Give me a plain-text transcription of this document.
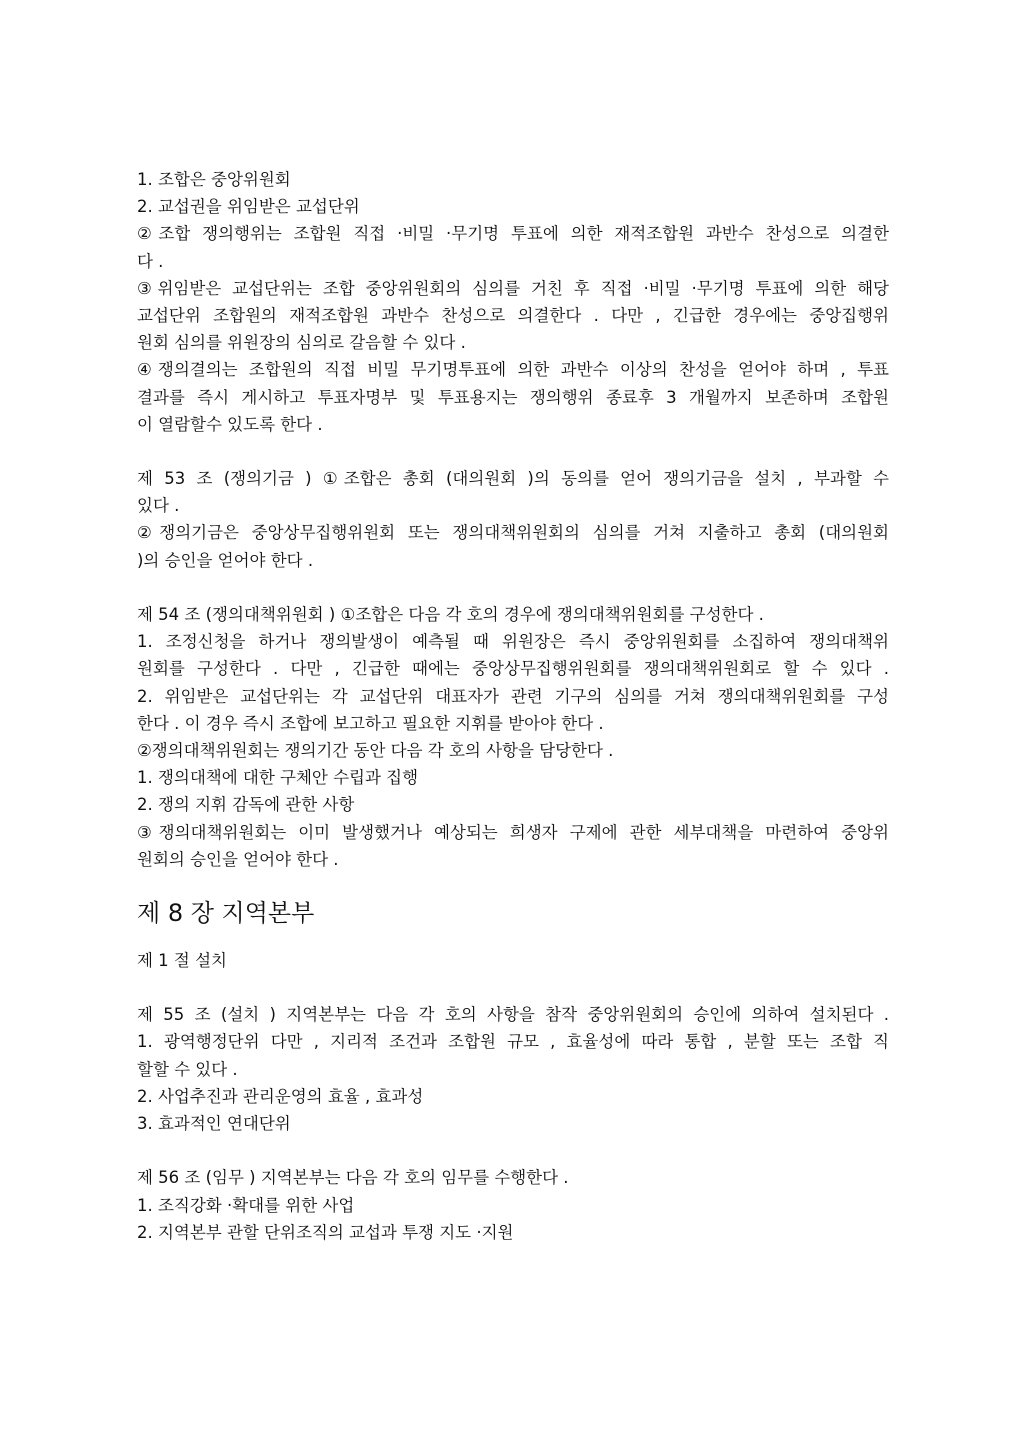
1. 조합은 중앙위원회
2. 교섭권을 위임받은 교섭단위
②조합 쟁의행위는 조합원 직접 ·비밀 ·무기명 투표에 의한 재적조합원 과반수 찬성으로 의결한
다 .
③위임받은 교섭단위는 조합 중앙위원회의 심의를 거친 후 직접 ·비밀 ·무기명 투표에 의한 해당
교섭단위 조합원의 재적조합원 과반수 찬성으로 의결한다 . 다만 , 긴급한 경우에는 중앙집행위
원회 심의를 위원장의 심의로 갈음할 수 있다 .
④쟁의결의는 조합원의 직접 비밀 무기명투표에 의한 과반수 이상의 찬성을 얻어야 하며 , 투표
결과를 즉시 게시하고 투표자명부 및 투표용지는 쟁의행위 종료후 3 개월까지 보존하며 조합원
이 열람할수 있도록 한다 .
제 53 조 (쟁의기금 ) ①조합은 총회 (대의원회 )의 동의를 얻어 쟁의기금을 설치 , 부과할 수
있다 .
②쟁의기금은 중앙상무집행위원회 또는 쟁의대책위원회의 심의를 거쳐 지출하고 총회 (대의원회
)의 승인을 얻어야 한다 .
제 54 조 (쟁의대책위원회 ) ①조합은 다음 각 호의 경우에 쟁의대책위원회를 구성한다 .
1. 조정신청을 하거나 쟁의발생이 예측될 때 위원장은 즉시 중앙위원회를 소집하여 쟁의대책위
원회를 구성한다 . 다만 , 긴급한 때에는 중앙상무집행위원회를 쟁의대책위원회로 할 수 있다 .
2. 위임받은 교섭단위는 각 교섭단위 대표자가 관련 기구의 심의를 거쳐 쟁의대책위원회를 구성
한다 . 이 경우 즉시 조합에 보고하고 필요한 지휘를 받아야 한다 .
②쟁의대책위원회는 쟁의기간 동안 다음 각 호의 사항을 담당한다 .
1. 쟁의대책에 대한 구체안 수립과 집행
2. 쟁의 지휘 감독에 관한 사항
③쟁의대책위원회는 이미 발생했거나 예상되는 희생자 구제에 관한 세부대책을 마련하여 중앙위
원회의 승인을 얻어야 한다 .
제 8 장 지역본부
제 1 절 설치
제 55 조 (설치 ) 지역본부는 다음 각 호의 사항을 참작 중앙위원회의 승인에 의하여 설치된다 .
1. 광역행정단위 다만 , 지리적 조건과 조합원 규모 , 효율성에 따라 통합 , 분할 또는 조합 직
할할 수 있다 .
2. 사업추진과 관리운영의 효율 , 효과성
3. 효과적인 연대단위
제 56 조 (임무 ) 지역본부는 다음 각 호의 임무를 수행한다 .
1. 조직강화 ·확대를 위한 사업
2. 지역본부 관할 단위조직의 교섭과 투쟁 지도 ·지원
